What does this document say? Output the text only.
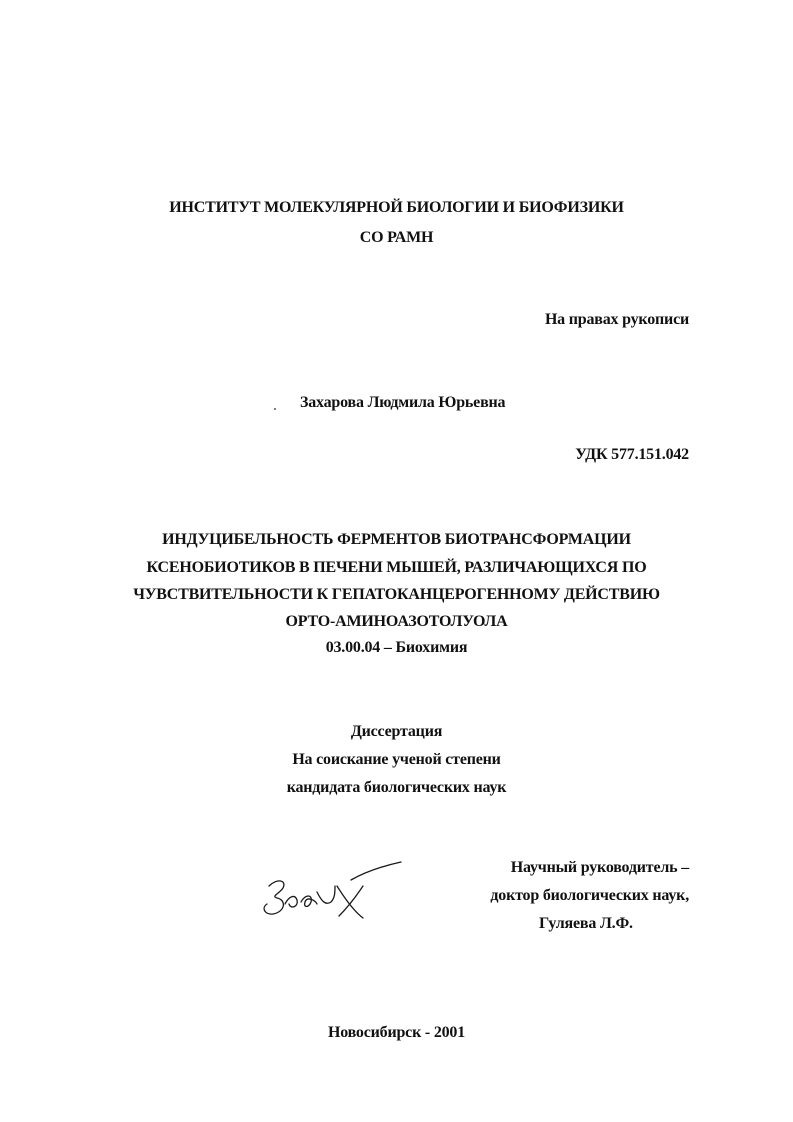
ИНСТИТУТ МОЛЕКУЛЯРНОЙ БИОЛОГИИ И БИОФИЗИКИ
СО РАМН
На правах рукописи
Захарова Людмила Юрьевна
УДК 577.151.042
ИНДУЦИБЕЛЬНОСТЬ ФЕРМЕНТОВ БИОТРАНСФОРМАЦИИ
КСЕНОБИОТИКОВ В ПЕЧЕНИ МЫШЕЙ, РАЗЛИЧАЮЩИХСЯ ПО
ЧУВСТВИТЕЛЬНОСТИ К ГЕПАТОКАНЦЕРОГЕННОМУ ДЕЙСТВИЮ
ОРТО-АМИНОАЗОТОЛУОЛА
03.00.04 – Биохимия
Диссертация
На соискание ученой степени
кандидата биологических наук
Научный руководитель –
доктор биологических наук,
Гуляева Л.Ф.
Новосибирск - 2001
